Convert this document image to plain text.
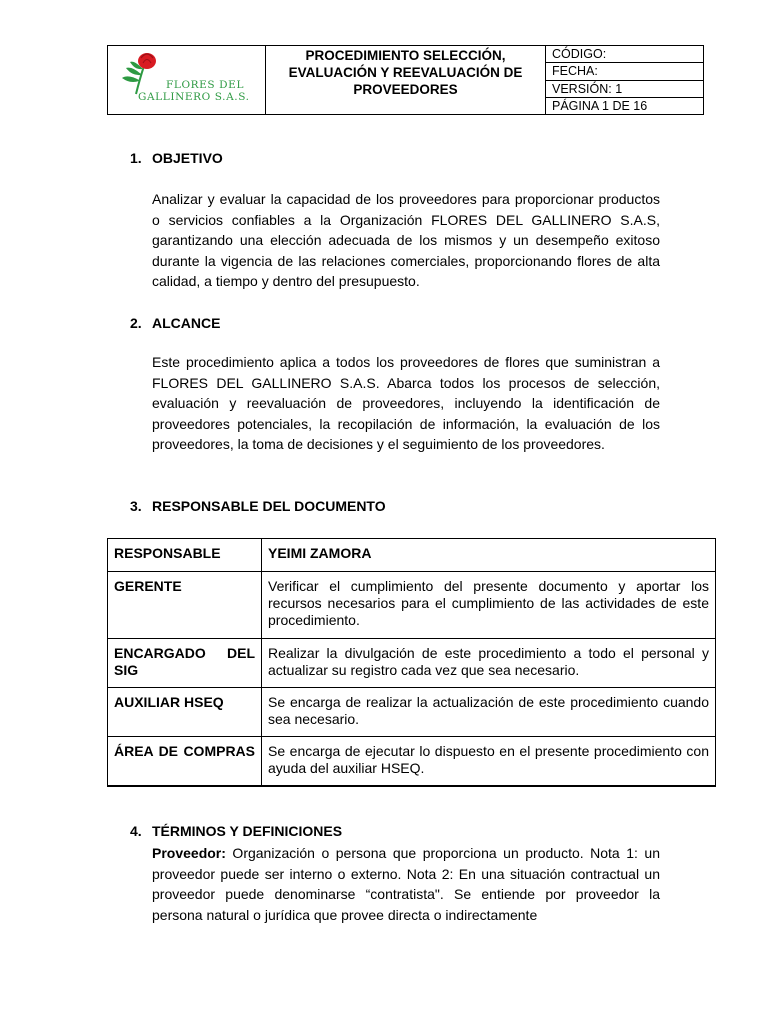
FLORES DEL
GALLINERO S.A.S.
PROCEDIMIENTO SELECCIÓN,
EVALUACIÓN Y REEVALUACIÓN DE
PROVEEDORES
CÓDIGO:
FECHA:
VERSIÓN: 1
PÁGINA 1 DE 16
1. OBJETIVO
Analizar y evaluar la capacidad de los proveedores para proporcionar productos o servicios confiables a la Organización FLORES DEL GALLINERO S.A.S, garantizando una elección adecuada de los mismos y un desempeño exitoso durante la vigencia de las relaciones comerciales, proporcionando flores de alta calidad, a tiempo y dentro del presupuesto.
2. ALCANCE
Este procedimiento aplica a todos los proveedores de flores que suministran a FLORES DEL GALLINERO S.A.S. Abarca todos los procesos de selección, evaluación y reevaluación de proveedores, incluyendo la identificación de proveedores potenciales, la recopilación de información, la evaluación de los proveedores, la toma de decisiones y el seguimiento de los proveedores.
3. RESPONSABLE DEL DOCUMENTO
RESPONSABLE	YEIMI ZAMORA
GERENTE	Verificar el cumplimiento del presente documento y aportar los recursos necesarios para el cumplimiento de las actividades de este procedimiento.
ENCARGADO DEL SIG	Realizar la divulgación de este procedimiento a todo el personal y actualizar su registro cada vez que sea necesario.
AUXILIAR HSEQ	Se encarga de realizar la actualización de este procedimiento cuando sea necesario.
ÁREA DE COMPRAS	Se encarga de ejecutar lo dispuesto en el presente procedimiento con ayuda del auxiliar HSEQ.
4. TÉRMINOS Y DEFINICIONES
Proveedor: Organización o persona que proporciona un producto. Nota 1: un proveedor puede ser interno o externo. Nota 2: En una situación contractual un proveedor puede denominarse “contratista". Se entiende por proveedor la persona natural o jurídica que provee directa o indirectamente
